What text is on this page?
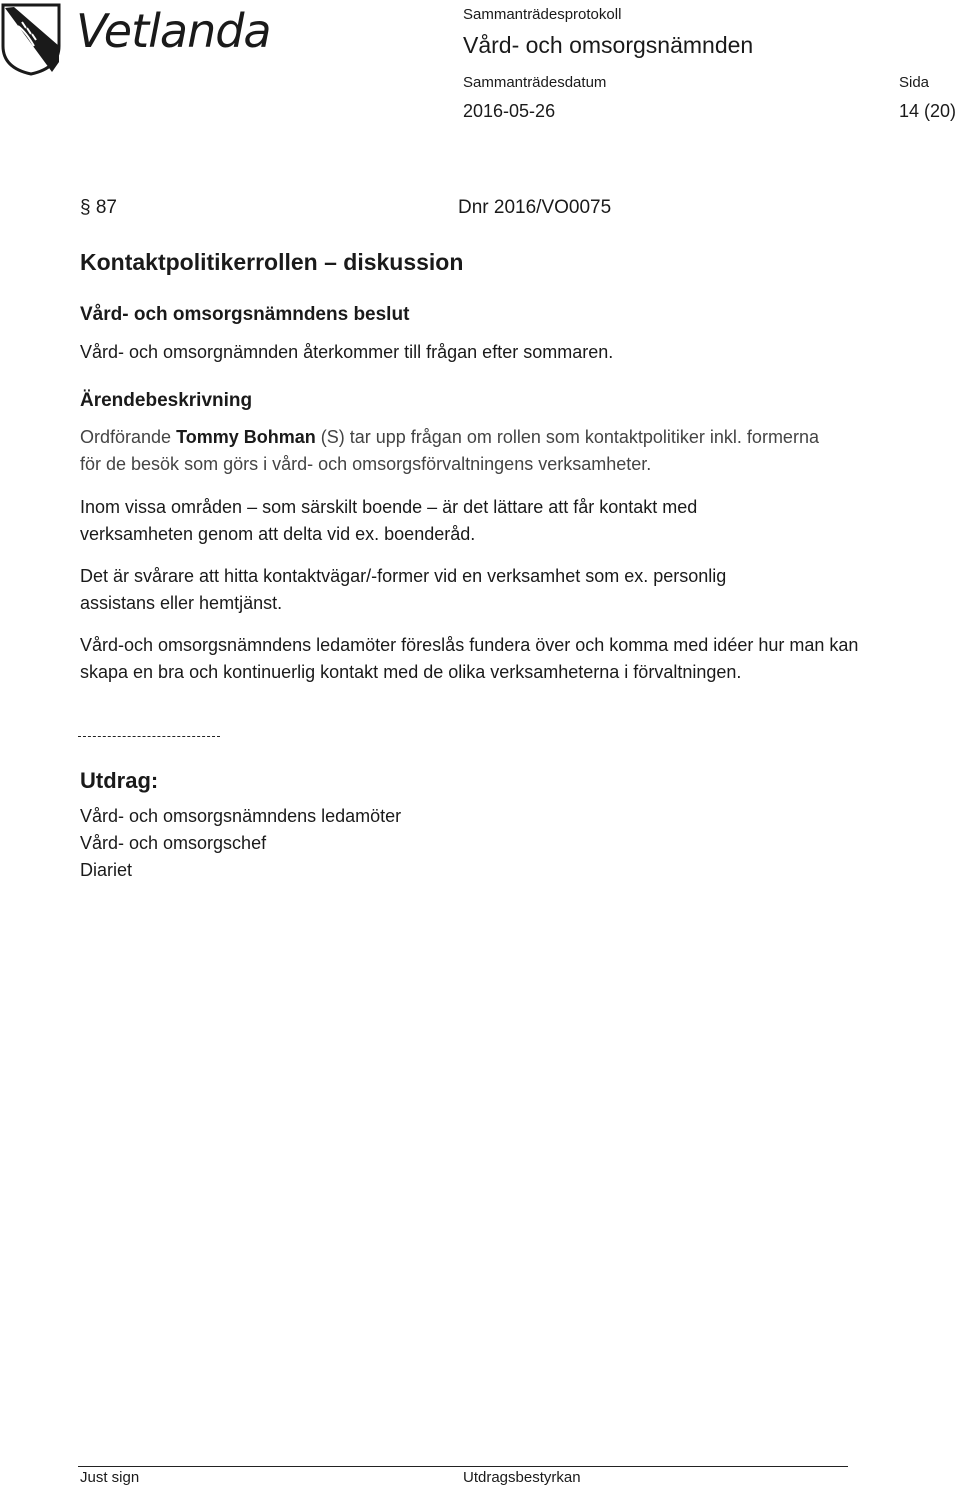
Vetlanda	Sammanträdesprotokoll
Vård- och omsorgsnämnden
Sammanträdesdatum	Sida
2016-05-26	14 (20)
§ 87	Dnr 2016/VO0075
Kontaktpolitikerrollen – diskussion
Vård- och omsorgsnämndens beslut
Vård- och omsorgnämnden återkommer till frågan efter sommaren.
Ärendebeskrivning
Ordförande Tommy Bohman (S) tar upp frågan om rollen som kontaktpolitiker inkl. formerna för de besök som görs i vård- och omsorgsförvaltningens verksamheter.
Inom vissa områden – som särskilt boende – är det lättare att får kontakt med verksamheten genom att delta vid ex. boenderåd.
Det är svårare att hitta kontaktvägar/-former vid en verksamhet som ex. personlig assistans eller hemtjänst.
Vård-och omsorgsnämndens ledamöter föreslås fundera över och komma med idéer hur man kan skapa en bra och kontinuerlig kontakt med de olika verksamheterna i förvaltningen.
Utdrag:
Vård- och omsorgsnämndens ledamöter
Vård- och omsorgschef
Diariet
Just sign	Utdragsbestyrkan
